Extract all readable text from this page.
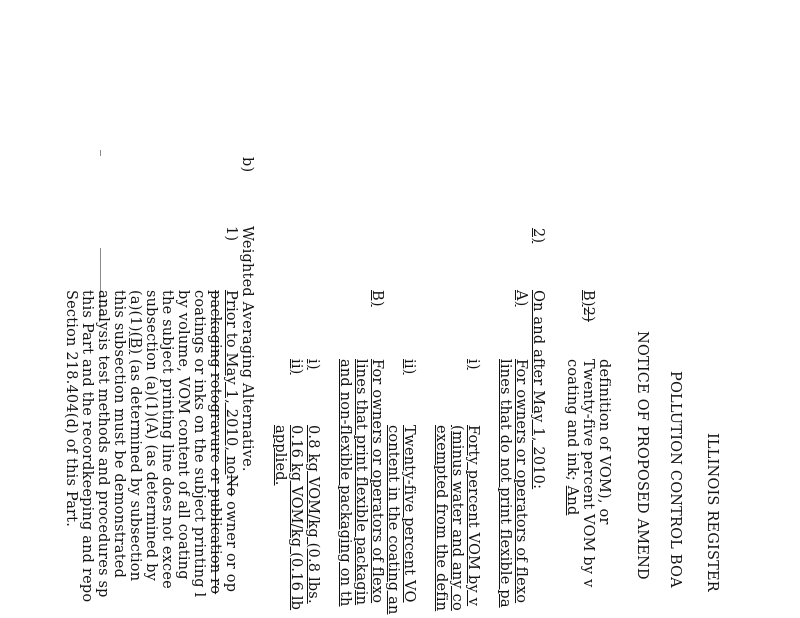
ILLINOIS REGISTER
POLLUTION CONTROL BOA
NOTICE OF PROPOSED AMEND
definition of VOM), or
B)2)
Twenty-five percent VOM by v
coating and ink; And
2)
On and after May 1, 2010:
A)
For owners or operators of flexo
lines that do not print flexible pa
i)
Forty percent VOM by v
(minus water and any co
exempted from the defin
ii)
Twenty-five percent VO
content in the coating an
B)
For owners or operators of flexo
lines that print flexible packagin
and non-flexible packaging on th
i)
0.8 kg VOM/kg (0.8 lbs.
ii)
0.16 kg VOM/kg (0.16 lb
applied.
b)
Weighted Averaging Alternative.
1)
Prior to May 1, 2010, noNo owner or op
packaging rotogravure or publication ro
coatings or inks on the subject printing l
by volume, VOM content of all coating
the subject printing line does not excee
subsection (a)(1)(A) (as determined by
(a)(1)(B) (as determined by subsection
this subsection must be demonstrated
analysis test methods and procedures sp
this Part and the recordkeeping and repo
Section 218.404(d) of this Part.
